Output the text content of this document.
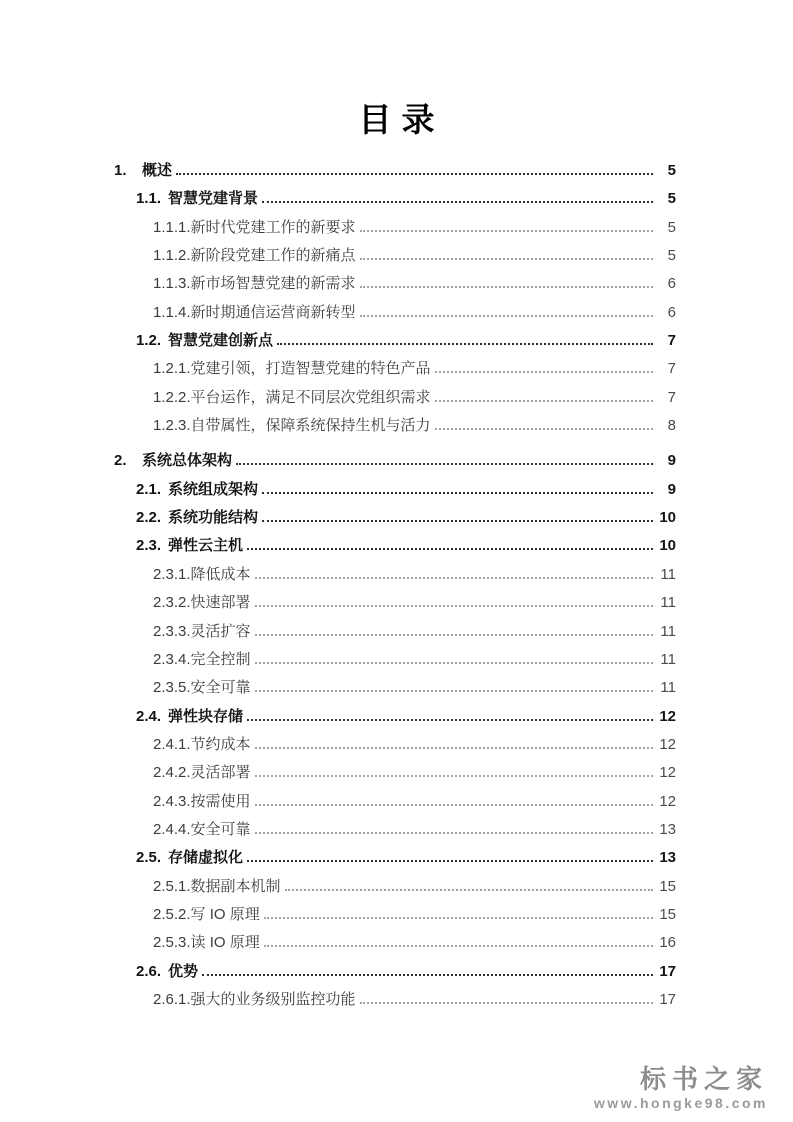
目录
1.	概述	5
1.1. 智慧党建背景	5
1.1.1. 新时代党建工作的新要求	5
1.1.2. 新阶段党建工作的新痛点	5
1.1.3. 新市场智慧党建的新需求	6
1.1.4. 新时期通信运营商新转型	6
1.2. 智慧党建创新点	7
1.2.1. 党建引领，打造智慧党建的特色产品	7
1.2.2. 平台运作，满足不同层次党组织需求	7
1.2.3. 自带属性，保障系统保持生机与活力	8
2.	系统总体架构	9
2.1. 系统组成架构	9
2.2. 系统功能结构	10
2.3. 弹性云主机	10
2.3.1. 降低成本	11
2.3.2. 快速部署	11
2.3.3. 灵活扩容	11
2.3.4. 完全控制	11
2.3.5. 安全可靠	11
2.4. 弹性块存储	12
2.4.1. 节约成本	12
2.4.2. 灵活部署	12
2.4.3. 按需使用	12
2.4.4. 安全可靠	13
2.5. 存储虚拟化	13
2.5.1. 数据副本机制	15
2.5.2. 写 IO 原理	15
2.5.3. 读 IO 原理	16
2.6. 优势	17
2.6.1. 强大的业务级别监控功能	17
标书之家
www.hongke98.com
